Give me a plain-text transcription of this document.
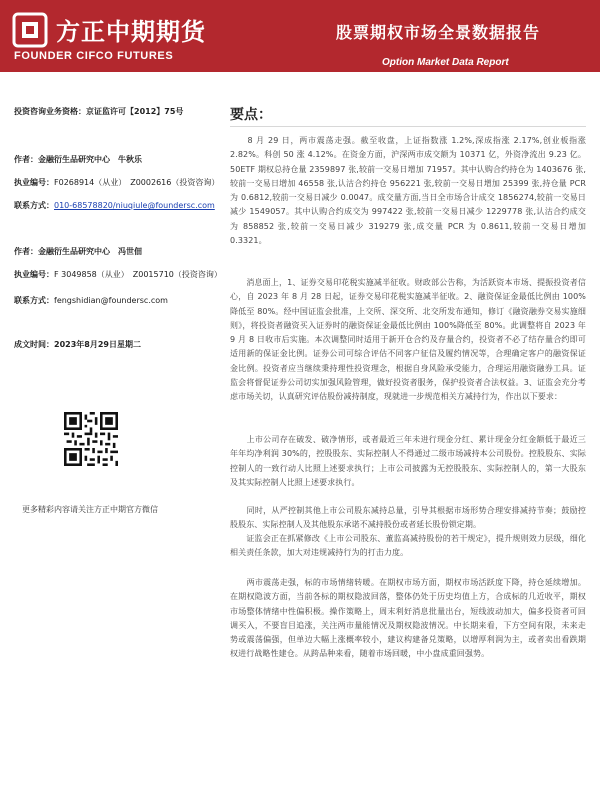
方正中期期货
FOUNDER CIFCO FUTURES
股票期权市场全景数据报告
Option Market Data Report
投资咨询业务资格：京证监许可【2012】75号
作者：金融衍生品研究中心　牛秋乐
执业编号：F0268914（从业）　Z0002616（投资咨询）
联系方式：010-68578820/niuqiule@foundersc.com
作者：金融衍生品研究中心　冯世佃
执业编号：F 3049858（从业）　Z0015710（投资咨询）
联系方式：fengshidian@foundersc.com
成文时间：2023年8月29日星期二
更多精彩内容请关注方正中期官方微信
要点：

　　8 月 29 日，两市震荡走强。截至收盘，上证指数涨 1.2%,深成指涨 2.17%,创业板指涨 2.82%。科创 50 涨 4.12%。在资金方面，沪深两市成交额为 10371 亿，外资净流出 9.23 亿。50ETF 期权总持仓量 2359897 张,较前一交易日增加 71957。其中认购合约持仓为 1403676 张,较前一交易日增加 46558 张,认沽合约持仓 956221 张,较前一交易日增加 25399 张,持仓量 PCR 为 0.6812,较前一交易日减少 0.0047。成交量方面,当日全市场合计成交 1856274,较前一交易日减少 1549057。其中认购合约成交为 997422 张,较前一交易日减少 1229778 张,认沽合约成交为 858852 张,较前一交易日减少 319279 张,成交量 PCR 为 0.8611,较前一交易日增加 0.3321。

　　消息面上，1、证券交易印花税实施减半征收。财政部公告称，为活跃资本市场、提振投资者信心，自 2023 年 8 月 28 日起，证券交易印花税实施减半征收。2、融资保证金最低比例由 100%降低至 80%。经中国证监会批准，上交所、深交所、北交所发布通知，修订《融资融券交易实施细则》，将投资者融资买入证券时的融资保证金最低比例由 100%降低至 80%。此调整将自 2023 年 9 月 8 日收市后实施。本次调整同时适用于新开仓合约及存量合约，投资者不必了结存量合约即可适用新的保证金比例。证券公司可综合评估不同客户征信及履约情况等，合理确定客户的融资保证金比例。投资者应当继续秉持理性投资理念，根据自身风险承受能力，合理运用融资融券工具。证监会将督促证券公司切实加强风险管理，做好投资者服务，保护投资者合法权益。3、证监会充分考虑市场关切，认真研究评估股份减持制度，现就进一步规范相关方减持行为，作出以下要求：

　　上市公司存在破发、破净情形，或者最近三年未进行现金分红、累计现金分红金额低于最近三年年均净利润 30%的，控股股东、实际控制人不得通过二级市场减持本公司股份。控股股东、实际控制人的一致行动人比照上述要求执行；上市公司披露为无控股股东、实际控制人的，第一大股东及其实际控制人比照上述要求执行。

　　同时，从严控制其他上市公司股东减持总量，引导其根据市场形势合理安排减持节奏；鼓励控股股东、实际控制人及其他股东承诺不减持股份或者延长股份锁定期。

　　证监会正在抓紧修改《上市公司股东、董监高减持股份的若干规定》，提升规则效力层级，细化相关责任条款，加大对违规减持行为的打击力度。

　　两市震荡走强，标的市场情绪转暖。在期权市场方面，期权市场活跃度下降，持仓延续增加。在期权隐波方面，当前各标的期权隐波回落，整体仍处于历史均值上方，合成标的几近收平，期权市场整体情绪中性偏积极。操作策略上，周末利好消息批量出台，短线波动加大，偏多投资者可回调买入，不要盲目追涨，关注两市量能情况及期权隐波情况。中长期来看，下方空间有限，未来走势或震荡偏强，但单边大幅上涨概率较小，建议构建备兑策略，以增厚利润为主，或者卖出看跌期权进行战略性建仓。从跨品种来看，随着市场回暖，中小盘成重回强势。
